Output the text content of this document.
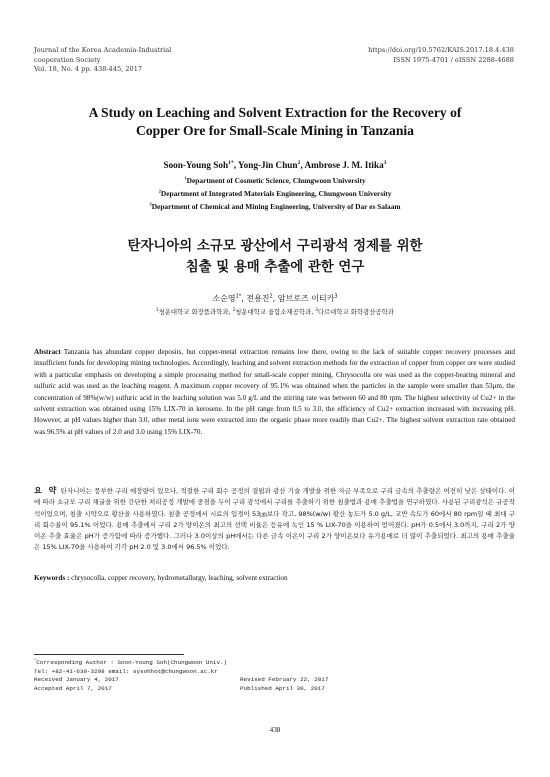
Journal of the Korea Academia-Industrial
cooperation Society
Vol. 18, No. 4 pp. 438-445, 2017
https://doi.org/10.5762/KAIS.2017.18.4.438
ISSN 1975-4701 / eISSN 2288-4688
A Study on Leaching and Solvent Extraction for the Recovery of
Copper Ore for Small-Scale Mining in Tanzania
Soon-Young Soh$^{1*}$, Yong-Jin Chun$^2$, Ambrose J. M. Itika$^3$
$^1$Department of Cosmetic Science, Chungwoon University
$^2$Department of Integrated Materials Engineering, Chungwoon University
$^3$Department of Chemical and Mining Engineering, University of Dar es Salaam
탄자니아의 소규모 광산에서 구리광석 정제를 위한
침출 및 용매 추출에 관한 연구
소순영$^{1*}$, 전용진$^2$, 암브로즈 이티카$^3$
$^1$청운대학교 화장품과학과, $^2$청운대학교 융합소재공학과, $^3$다르대학교 화학광산공학과
Abstract Tanzania has abundant copper deposits, but copper-metal extraction remains low there, owing to the lack of suitable copper recovery processes and insufficient funds for developing mining technologies. Accordingly, leaching and solvent extraction methods for the extraction of copper from copper ore were studied with a particular emphasis on developing a simple processing method for small-scale copper mining. Chrysocolla ore was used as the copper-bearing mineral and sulfuric acid was used as the leaching reagent. A maximum copper recovery of 95.1% was obtained when the particles in the sample were smaller than 53μm, the concentration of 98%(w/w) sulfuric acid in the leaching solution was 5.0 g/L and the stirring rate was between 60 and 80 rpm. The highest selectivity of Cu2+ in the solvent extraction was obtained using 15% LIX-70 in kerosene. In the pH range from 0.5 to 3.0, the efficiency of Cu2+ extraction increased with increasing pH. However, at pH values higher than 3.0, other metal ions were extracted into the organic phase more readily than Cu2+. The highest solvent extraction rate obtained was 96.5% at pH values of 2.0 and 3.0 using 15% LIX-70.
요 약 탄자니아는 풍부한 구리 매장량이 있으나, 적절한 구리 회수 공정의 결핍과 광산 기술 개발을 위한 자금 부족으로 구리 금속의 추출량은 여전히 낮은 상태이다. 이에 따라 소규모 구리 채굴을 위한 간단한 처리공정 개발에 중점을 두어 구리 광석에서 구리를 추출하기 위한 침출법과 용매 추출법을 연구하였다. 사용된 구리광석은 규공작석이었으며, 침출 시약으로 황산을 사용하였다. 침출 공정에서 시료의 입경이 53㎛보다 작고, 98%(w/w) 황산 농도가 5.0 g/L, 교반 속도가 60에서 80 rpm일 때 최대 구리 회수율이 95.1% 이었다. 용매 추출에서 구리 2가 양이온의 최고의 선택 비율은 등유에 녹인 15 % LIX-70을 이용하여 얻어졌다. pH가 0.5에서 3.0까지, 구리 2가 양이온 추출 효율은 pH가 증가함에 따라 증가했다. 그러나 3.0이상의 pH에서는 다른 금속 이온이 구리 2가 양이온보다 유기용매로 더 많이 추출되었다. 최고의 용매 추출율은 15% LIX-70을 사용하여 각각 pH 2.0 및 3.0에서 96.5% 이었다.
Keywords : chrysocolla, copper recovery, hydrometallurgy, leaching, solvent extraction
*Corresponding Author : Soon-Young Soh(Chungwoon Univ.)
Tel: +82-41-630-3298 email: sysohhot@chungwoon.ac.kr
Received January 4, 2017	Revised February 22, 2017
Accepted April 7, 2017	Published April 30, 2017
438
